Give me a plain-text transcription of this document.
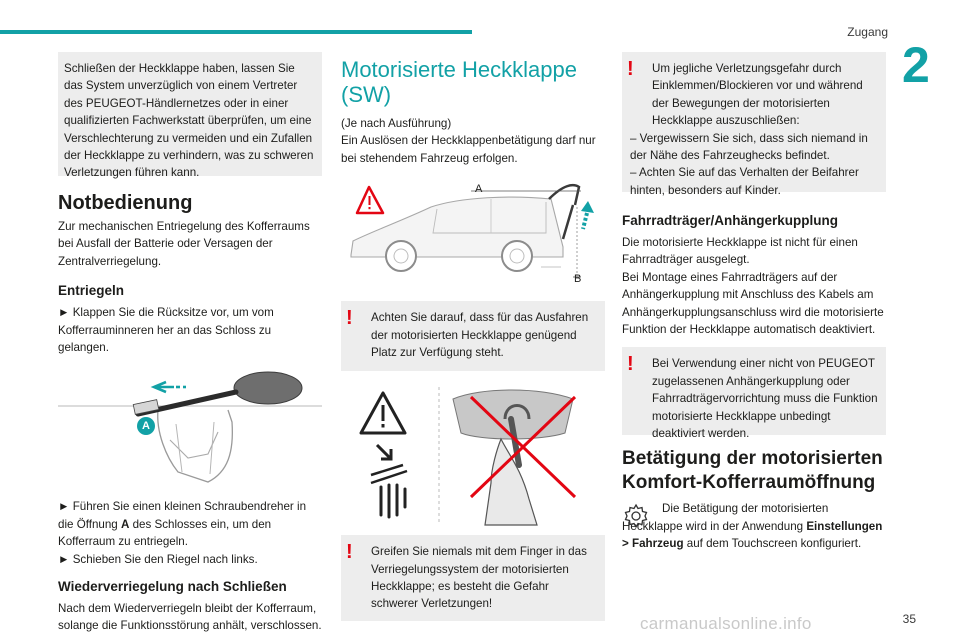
Zugang
2
Schließen der Heckklappe haben, lassen Sie das System unverzüglich von einem Vertreter des PEUGEOT-Händlernetzes oder in einer qualifizierten Fachwerkstatt überprüfen, um eine Verschlechterung zu vermeiden und ein Zufallen der Heckklappe zu verhindern, was zu schweren Verletzungen führen kann.
Notbedienung

Zur mechanischen Entriegelung des Kofferraums bei Ausfall der Batterie oder Versagen der Zentralverriegelung.

Entriegeln

► Klappen Sie die Rücksitze vor, um vom Kofferrauminneren her an das Schloss zu gelangen.

A

► Führen Sie einen kleinen Schraubendreher in die Öffnung A des Schlosses ein, um den Kofferraum zu entriegeln.

► Schieben Sie den Riegel nach links.

Wiederverriegelung nach Schließen

Nach dem Wiederverriegeln bleibt der Kofferraum, solange die Funktionsstörung anhält, verschlossen.

Motorisierte Heckklappe
(SW)

(Je nach Ausführung)

Ein Auslösen der Heckklappenbetätigung darf nur bei stehendem Fahrzeug erfolgen.

A
B
!	Achten Sie darauf, dass für das Ausfahren der motorisierten Heckklappe genügend Platz zur Verfügung steht.
!	Greifen Sie niemals mit dem Finger in das Verriegelungssystem der motorisierten Heckklappe; es besteht die Gefahr schwerer Verletzungen!
!	Um jegliche Verletzungsgefahr durch Einklemmen/Blockieren vor und während der Bewegungen der motorisierten Heckklappe auszuschließen:
– Vergewissern Sie sich, dass sich niemand in der Nähe des Fahrzeughecks befindet.
– Achten Sie auf das Verhalten der Beifahrer hinten, besonders auf Kinder.
Fahrradträger/Anhängerkupplung

Die motorisierte Heckklappe ist nicht für einen Fahrradträger ausgelegt.

Bei Montage eines Fahrradträgers auf der Anhängerkupplung mit Anschluss des Kabels am Anhängerkupplungsanschluss wird die motorisierte Funktion der Heckklappe automatisch deaktiviert.

!	Bei Verwendung einer nicht von PEUGEOT zugelassenen Anhängerkupplung oder Fahrradträgervorrichtung muss die Funktion motorisierte Heckklappe unbedingt deaktiviert werden.
Betätigung der motorisierten
Komfort-Kofferraumöffnung

Die Betätigung der motorisierten Heckklappe wird in der Anwendung Einstellungen > Fahrzeug auf dem Touchscreen konfiguriert.

35
carmanualsonline.info
